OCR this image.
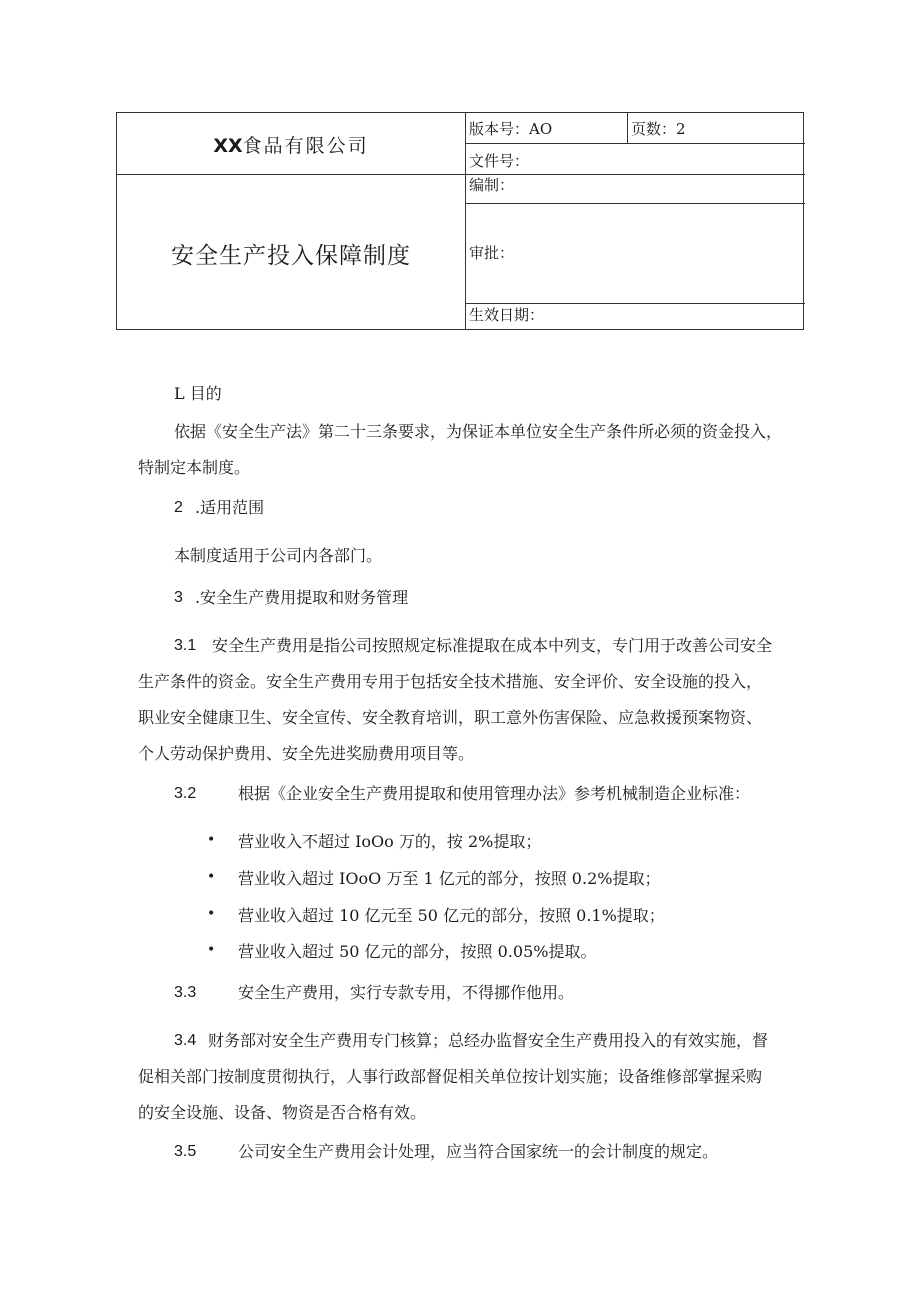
XX食品有限公司
安全生产投入保障制度
版本号：AO	页数：2
文件号：
编制：
审批：
生效日期：
L 目的
依据《安全生产法》第二十三条要求，为保证本单位安全生产条件所必须的资金投入，
特制定本制度。
2 .适用范围
本制度适用于公司内各部门。
3 .安全生产费用提取和财务管理
3.1 安全生产费用是指公司按照规定标准提取在成本中列支，专门用于改善公司安全
生产条件的资金。安全生产费用专用于包括安全技术措施、安全评价、安全设施的投入，
职业安全健康卫生、安全宣传、安全教育培训，职工意外伤害保险、应急救援预案物资、
个人劳动保护费用、安全先进奖励费用项目等。
3.2	根据《企业安全生产费用提取和使用管理办法》参考机械制造企业标准：
• 营业收入不超过 IoOo 万的，按 2%提取；
• 营业收入超过 IOoO 万至 1 亿元的部分，按照 0.2%提取；
• 营业收入超过 10 亿元至 50 亿元的部分，按照 0.1%提取；
• 营业收入超过 50 亿元的部分，按照 0.05%提取。
3.3	安全生产费用，实行专款专用，不得挪作他用。
3.4 财务部对安全生产费用专门核算；总经办监督安全生产费用投入的有效实施，督
促相关部门按制度贯彻执行，人事行政部督促相关单位按计划实施；设备维修部掌握采购
的安全设施、设备、物资是否合格有效。
3.5	公司安全生产费用会计处理，应当符合国家统一的会计制度的规定。
